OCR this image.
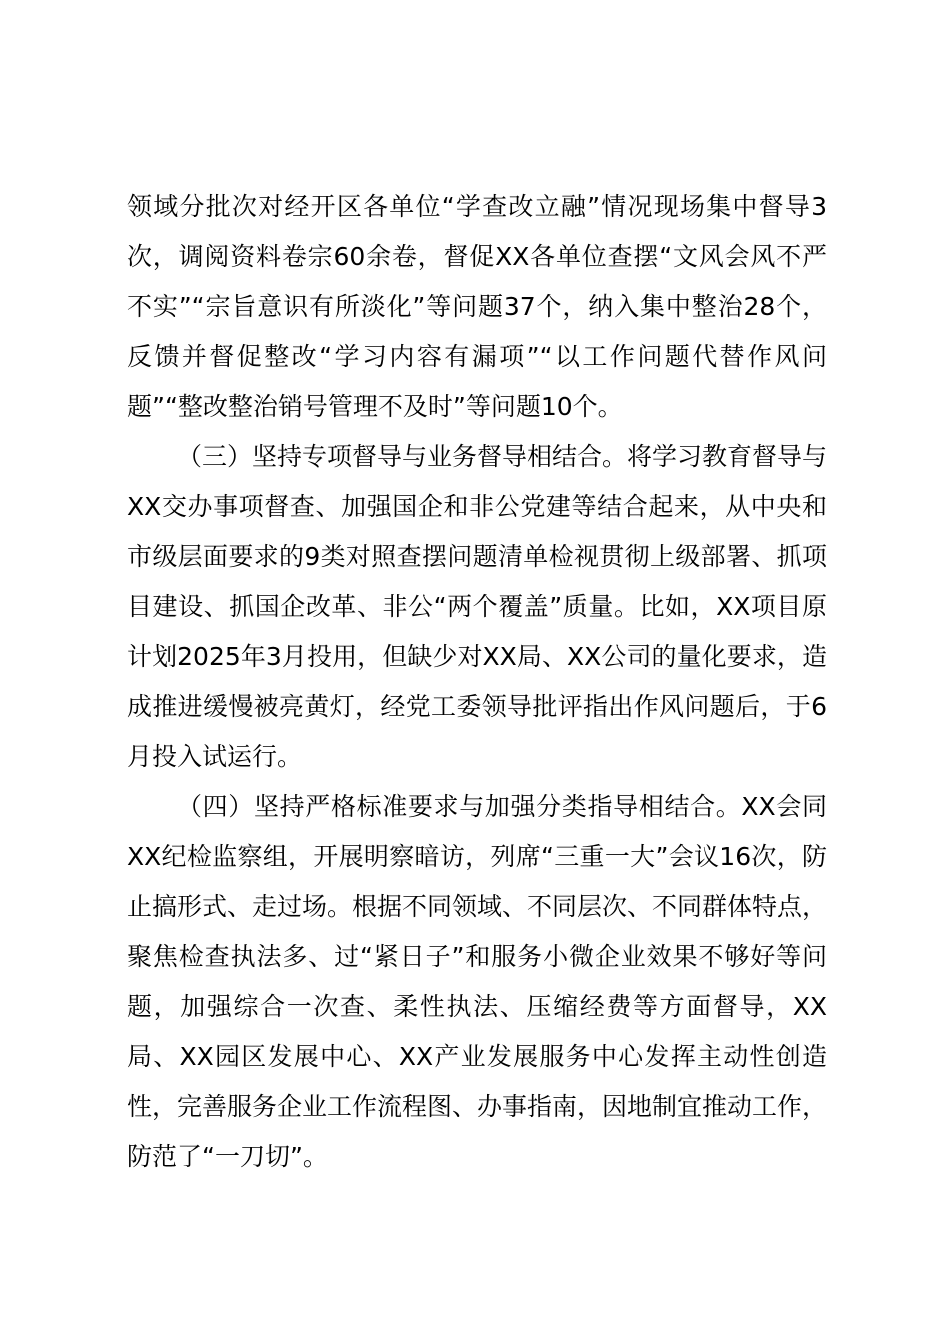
领域分批次对经开区各单位“学查改立融”情况现场集中督导3次，调阅资料卷宗60余卷，督促XX各单位查摆“文风会风不严不实”“宗旨意识有所淡化”等问题37个，纳入集中整治28个，反馈并督促整改“学习内容有漏项”“以工作问题代替作风问题”“整改整治销号管理不及时”等问题10个。

（三）坚持专项督导与业务督导相结合。将学习教育督导与XX交办事项督查、加强国企和非公党建等结合起来，从中央和市级层面要求的9类对照查摆问题清单检视贯彻上级部署、抓项目建设、抓国企改革、非公“两个覆盖”质量。比如，XX项目原计划2025年3月投用，但缺少对XX局、XX公司的量化要求，造成推进缓慢被亮黄灯，经党工委领导批评指出作风问题后，于6月投入试运行。

（四）坚持严格标准要求与加强分类指导相结合。XX会同XX纪检监察组，开展明察暗访，列席“三重一大”会议16次，防止搞形式、走过场。根据不同领域、不同层次、不同群体特点，聚焦检查执法多、过“紧日子”和服务小微企业效果不够好等问题，加强综合一次查、柔性执法、压缩经费等方面督导，XX局、XX园区发展中心、XX产业发展服务中心发挥主动性创造性，完善服务企业工作流程图、办事指南，因地制宜推动工作，防范了“一刀切”。
